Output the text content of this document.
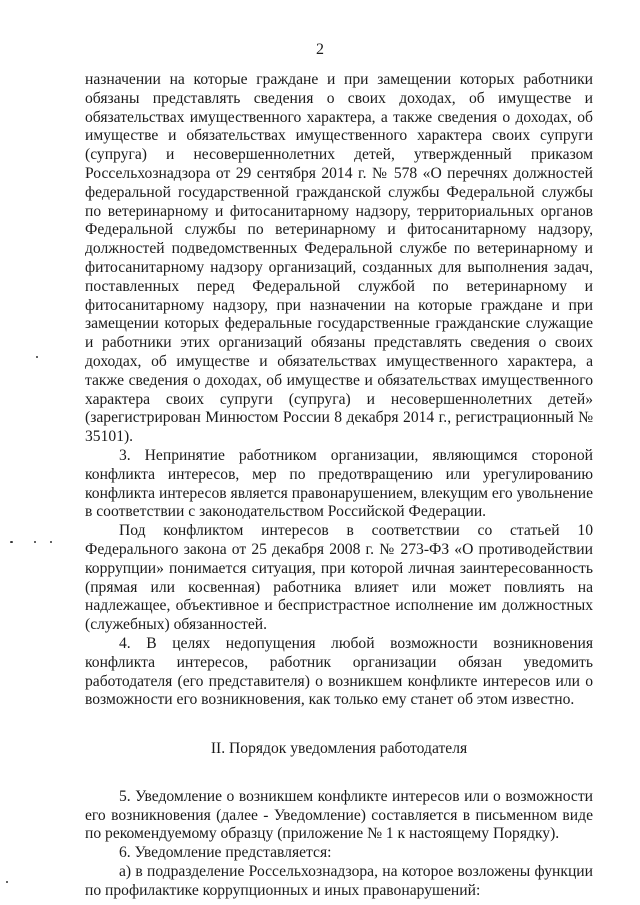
2

назначении на которые граждане и при замещении которых работники обязаны представлять сведения о своих доходах, об имуществе и обязательствах имущественного характера, а также сведения о доходах, об имуществе и обязательствах имущественного характера своих супруги (супруга) и несовершеннолетних детей, утвержденный приказом Россельхознадзора от 29 сентября 2014 г. № 578 «О перечнях должностей федеральной государственной гражданской службы Федеральной службы по ветеринарному и фитосанитарному надзору, территориальных органов Федеральной службы по ветеринарному и фитосанитарному надзору, должностей подведомственных Федеральной службе по ветеринарному и фитосанитарному надзору организаций, созданных для выполнения задач, поставленных перед Федеральной службой по ветеринарному и фитосанитарному надзору, при назначении на которые граждане и при замещении которых федеральные государственные гражданские служащие и работники этих организаций обязаны представлять сведения о своих доходах, об имуществе и обязательствах имущественного характера, а также сведения о доходах, об имуществе и обязательствах имущественного характера своих супруги (супруга) и несовершеннолетних детей» (зарегистрирован Минюстом России 8 декабря 2014 г., регистрационный № 35101).

3. Непринятие работником организации, являющимся стороной конфликта интересов, мер по предотвращению или урегулированию конфликта интересов является правонарушением, влекущим его увольнение в соответствии с законодательством Российской Федерации.

Под конфликтом интересов в соответствии со статьей 10 Федерального закона от 25 декабря 2008 г. № 273-ФЗ «О противодействии коррупции» понимается ситуация, при которой личная заинтересованность (прямая или косвенная) работника влияет или может повлиять на надлежащее, объективное и беспристрастное исполнение им должностных (служебных) обязанностей.

4. В целях недопущения любой возможности возникновения конфликта интересов, работник организации обязан уведомить работодателя (его представителя) о возникшем конфликте интересов или о возможности его возникновения, как только ему станет об этом известно.

II. Порядок уведомления работодателя

5. Уведомление о возникшем конфликте интересов или о возможности его возникновения (далее - Уведомление) составляется в письменном виде по рекомендуемому образцу (приложение № 1 к настоящему Порядку).

6. Уведомление представляется:

а) в подразделение Россельхознадзора, на которое возложены функции по профилактике коррупционных и иных правонарушений:
